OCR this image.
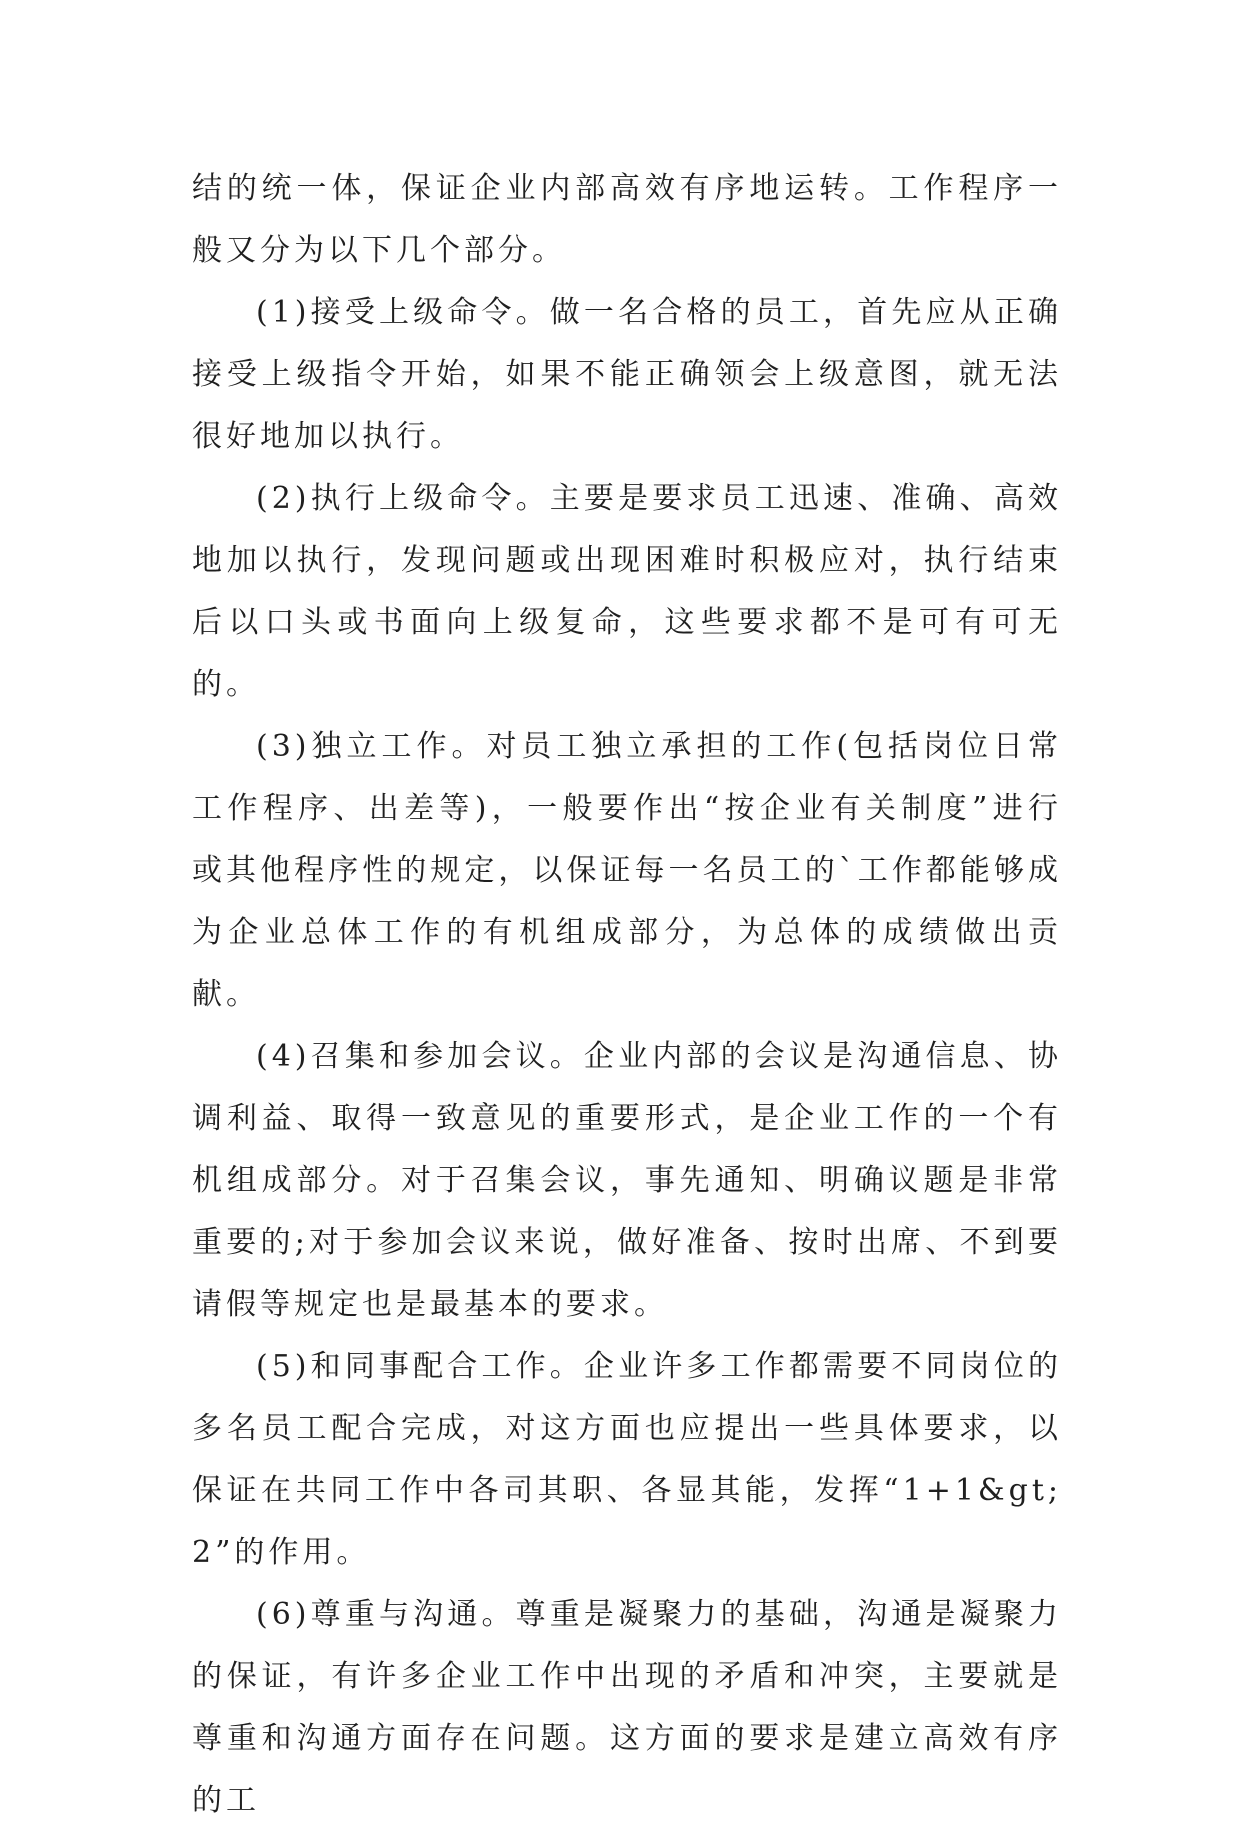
结的统一体，保证企业内部高效有序地运转。工作程序一般又分为以下几个部分。

(1)接受上级命令。做一名合格的员工，首先应从正确接受上级指令开始，如果不能正确领会上级意图，就无法很好地加以执行。

(2)执行上级命令。主要是要求员工迅速、准确、高效地加以执行，发现问题或出现困难时积极应对，执行结束后以口头或书面向上级复命，这些要求都不是可有可无的。

(3)独立工作。对员工独立承担的工作(包括岗位日常工作程序、出差等)，一般要作出“按企业有关制度”进行或其他程序性的规定，以保证每一名员工的`工作都能够成为企业总体工作的有机组成部分，为总体的成绩做出贡献。

(4)召集和参加会议。企业内部的会议是沟通信息、协调利益、取得一致意见的重要形式，是企业工作的一个有机组成部分。对于召集会议，事先通知、明确议题是非常重要的;对于参加会议来说，做好准备、按时出席、不到要请假等规定也是最基本的要求。

(5)和同事配合工作。企业许多工作都需要不同岗位的多名员工配合完成，对这方面也应提出一些具体要求，以保证在共同工作中各司其职、各显其能，发挥“1+1&gt;2”的作用。

(6)尊重与沟通。尊重是凝聚力的基础，沟通是凝聚力的保证，有许多企业工作中出现的矛盾和冲突，主要就是尊重和沟通方面存在问题。这方面的要求是建立高效有序的工
